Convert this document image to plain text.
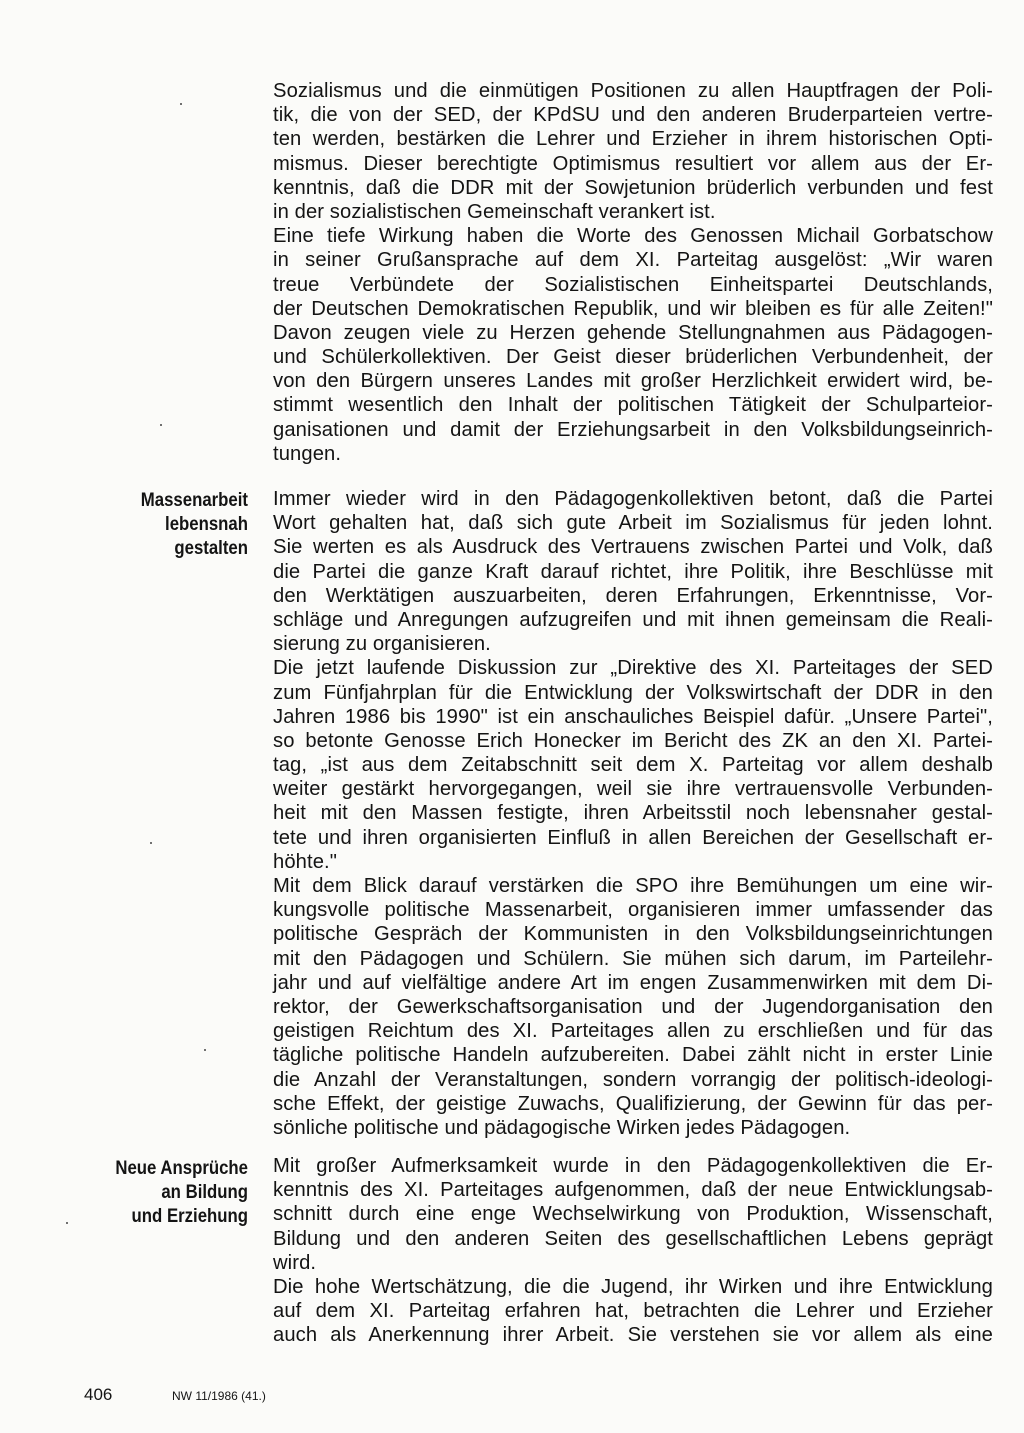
Sozialismus und die einmütigen Positionen zu allen Hauptfragen der Poli-
tik, die von der SED, der KPdSU und den anderen Bruderparteien vertre-
ten werden, bestärken die Lehrer und Erzieher in ihrem historischen Opti-
mismus. Dieser berechtigte Optimismus resultiert vor allem aus der Er-
kenntnis, daß die DDR mit der Sowjetunion brüderlich verbunden und fest
in der sozialistischen Gemeinschaft verankert ist.
Eine tiefe Wirkung haben die Worte des Genossen Michail Gorbatschow
in seiner Grußansprache auf dem XI. Parteitag ausgelöst: „Wir waren
treue Verbündete der Sozialistischen Einheitspartei Deutschlands,
der Deutschen Demokratischen Republik, und wir bleiben es für alle Zeiten!"
Davon zeugen viele zu Herzen gehende Stellungnahmen aus Pädagogen-
und Schülerkollektiven. Der Geist dieser brüderlichen Verbundenheit, der
von den Bürgern unseres Landes mit großer Herzlichkeit erwidert wird, be-
stimmt wesentlich den Inhalt der politischen Tätigkeit der Schulparteior-
ganisationen und damit der Erziehungsarbeit in den Volksbildungseinrich-
tungen.
Massenarbeit
lebensnah
gestalten
Immer wieder wird in den Pädagogenkollektiven betont, daß die Partei
Wort gehalten hat, daß sich gute Arbeit im Sozialismus für jeden lohnt.
Sie werten es als Ausdruck des Vertrauens zwischen Partei und Volk, daß
die Partei die ganze Kraft darauf richtet, ihre Politik, ihre Beschlüsse mit
den Werktätigen auszuarbeiten, deren Erfahrungen, Erkenntnisse, Vor-
schläge und Anregungen aufzugreifen und mit ihnen gemeinsam die Reali-
sierung zu organisieren.
Die jetzt laufende Diskussion zur „Direktive des XI. Parteitages der SED
zum Fünfjahrplan für die Entwicklung der Volkswirtschaft der DDR in den
Jahren 1986 bis 1990" ist ein anschauliches Beispiel dafür. „Unsere Partei",
so betonte Genosse Erich Honecker im Bericht des ZK an den XI. Partei-
tag, „ist aus dem Zeitabschnitt seit dem X. Parteitag vor allem deshalb
weiter gestärkt hervorgegangen, weil sie ihre vertrauensvolle Verbunden-
heit mit den Massen festigte, ihren Arbeitsstil noch lebensnaher gestal-
tete und ihren organisierten Einfluß in allen Bereichen der Gesellschaft er-
höhte."
Mit dem Blick darauf verstärken die SPO ihre Bemühungen um eine wir-
kungsvolle politische Massenarbeit, organisieren immer umfassender das
politische Gespräch der Kommunisten in den Volksbildungseinrichtungen
mit den Pädagogen und Schülern. Sie mühen sich darum, im Parteilehr-
jahr und auf vielfältige andere Art im engen Zusammenwirken mit dem Di-
rektor, der Gewerkschaftsorganisation und der Jugendorganisation den
geistigen Reichtum des XI. Parteitages allen zu erschließen und für das
tägliche politische Handeln aufzubereiten. Dabei zählt nicht in erster Linie
die Anzahl der Veranstaltungen, sondern vorrangig der politisch-ideologi-
sche Effekt, der geistige Zuwachs, Qualifizierung, der Gewinn für das per-
sönliche politische und pädagogische Wirken jedes Pädagogen.
Neue Ansprüche
an Bildung
und Erziehung
Mit großer Aufmerksamkeit wurde in den Pädagogenkollektiven die Er-
kenntnis des XI. Parteitages aufgenommen, daß der neue Entwicklungsab-
schnitt durch eine enge Wechselwirkung von Produktion, Wissenschaft,
Bildung und den anderen Seiten des gesellschaftlichen Lebens geprägt
wird.
Die hohe Wertschätzung, die die Jugend, ihr Wirken und ihre Entwicklung
auf dem XI. Parteitag erfahren hat, betrachten die Lehrer und Erzieher
auch als Anerkennung ihrer Arbeit. Sie verstehen sie vor allem als eine
406	NW 11/1986 (41.)
